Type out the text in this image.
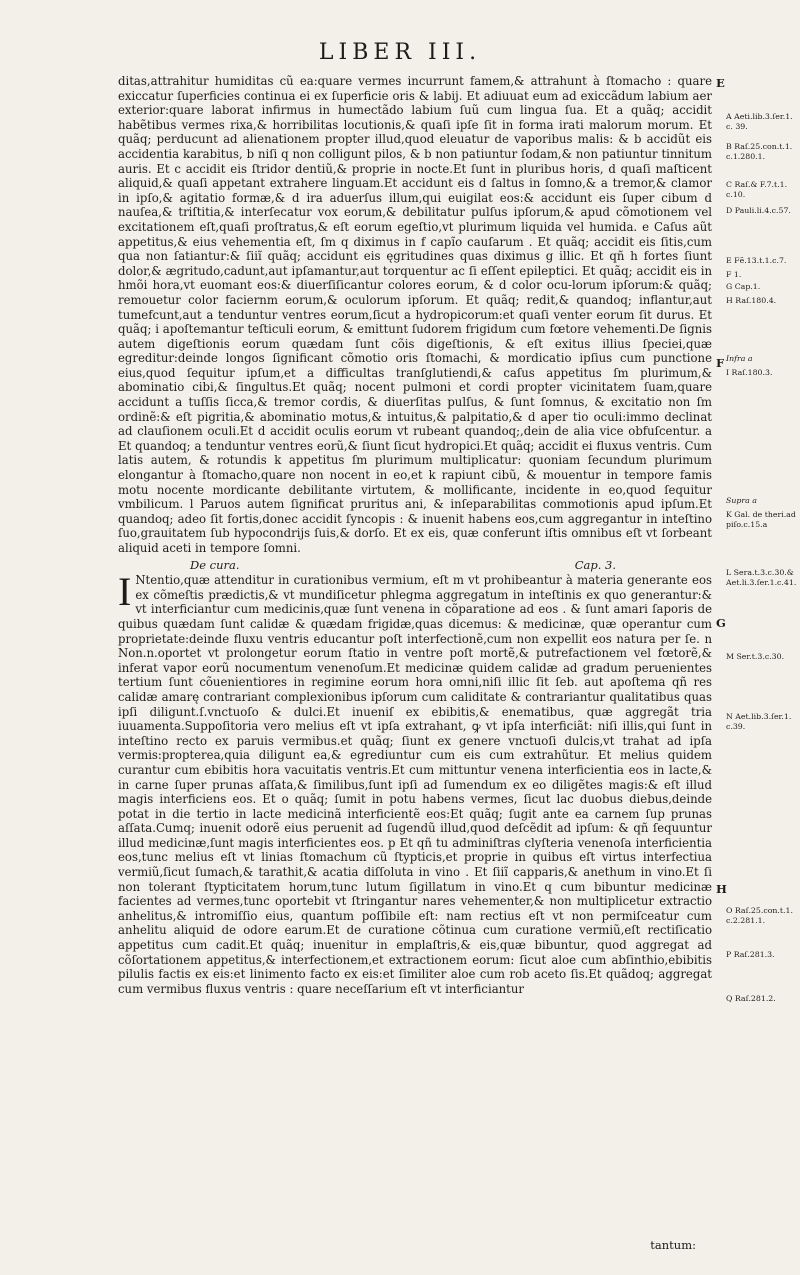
LIBER III.

ditas,attrahitur humiditas cũ ea:quare vermes incurrunt famem,& attrahunt à ſtomacho : quare exiccatur ſuperficies continua ei ex ſuperficie oris & labij. Et adiuuat eum ad exiccãdum labium aer exterior:quare laborat infirmus in humectãdo labium ſuũ cum lingua ſua. Et a quãq; accidit habẽtibus vermes rixa,& horribilitas locutionis,& quaſi ipſe ſit in forma irati malorum morum. Et quãq; perducunt ad alienationem propter illud,quod eleuatur de vaporibus malis: & b accidũt eis accidentia karabitus, b niſi q non colligunt pilos, & b non patiuntur ſodam,& non patiuntur tinnitum auris. Et c accidit eis ſtridor dentiũ,& proprie in nocte.Et ſunt in pluribus horis, d quaſi maſticent aliquid,& quaſi appetant extrahere linguam.Et accidunt eis d ſaltus in ſomno,& a tremor,& clamor in ipſo,& agitatio formæ,& d ira aduerſus illum,qui euigilat eos:& accidunt eis ſuper cibum d nauſea,& triſtitia,& interſecatur vox eorum,& debilitatur pulſus ipſorum,& apud cõmotionem vel excitationem eſt,quaſi proſtratus,& eſt eorum egeſtio,vt plurimum liquida vel humida. e Caſus aũt appetitus,& eius vehementia eſt, ſm q diximus in f capĩo cauſarum . Et quãq; accidit eis ſitis,cum qua non ſatiantur:& ſiiĩ quãq; accidunt eis ęgritudines quas diximus g illic. Et qñ h fortes ſiunt dolor,& ægritudo,cadunt,aut ipſamantur,aut torquentur ac ſi eſſent epileptici. Et quãq; accidit eis in hmõi hora,vt euomant eos:& diuerſiſicantur colores eorum, & d color ocu-lorum ipſorum:& quãq; remouetur color faciernm eorum,& oculorum ipſorum. Et quãq; redit,& quandoq; inflantur,aut tumefcunt,aut a tenduntur ventres eorum,ſicut a hydropicorum:et quaſi venter eorum ſit durus. Et quãq; i apoſtemantur teſticuli eorum, & emittunt ſudorem frigidum cum fœtore vehementi.De ſignis autem digeſtionis eorum quædam ſunt cõis digeſtionis, & eſt exitus illius ſpeciei,quæ egreditur:deinde longos ſignificant cõmotio oris ſtomachi, & mordicatio ipſius cum punctione eius,quod ſequitur ipſum,et a difficultas tranſglutiendi,& caſus appetitus ſm plurimum,& abominatio cibi,& ſingultus.Et quãq; nocent pulmoni et cordi propter vicinitatem ſuam,quare accidunt a tuſſis ſicca,& tremor cordis, & diuerſitas pulſus, & ſunt ſomnus, & excitatio non ſm ordinẽ:& eſt pigritia,& abominatio motus,& intuitus,& palpitatio,& d aper tio oculi:immo declinat ad clauſionem oculi.Et d accidit oculis eorum vt rubeant quandoq;,dein de alia vice obfuſcentur. a Et quandoq; a tenduntur ventres eorũ,& ſiunt ſicut hydropici.Et quãq; accidit ei fluxus ventris. Cum latis autem, & rotundis k appetitus ſm plurimum multiplicatur: quoniam ſecundum plurimum elongantur à ſtomacho,quare non nocent in eo,et k rapiunt cibũ, & mouentur in tempore famis motu nocente mordicante debilitante virtutem, & mollificante, incidente in eo,quod ſequitur vmbilicum. l Paruos autem ſignificat pruritus ani, & inſeparabilitas commotionis apud ipſum.Et quandoq; adeo ſit fortis,donec accidit ſyncopis : & inuenit habens eos,cum aggregantur in inteſtino ſuo,grauitatem ſub hypocondrijs ſuis,& dorſo. Et ex eis, quæ conferunt iſtis omnibus eſt vt ſorbeant aliquid aceti in tempore ſomni.

De cura.	Cap. 3.

I Ntentio,quæ attenditur in curationibus vermium, eſt m vt prohibeantur à materia generante eos ex cõmeſtis prædictis,& vt mundiſicetur phlegma aggregatum in inteſtinis ex quo generantur:& vt interficiantur cum medicinis,quæ ſunt venena in cõparatione ad eos . & ſunt amari ſaporis de quibus quædam ſunt calidæ & quædam frigidæ,quas dicemus: & medicinæ, quæ operantur cum proprietate:deinde fluxu ventris educantur poſt interfectionẽ,cum non expellit eos natura per ſe. n Non.n.oportet vt prolongetur eorum ſtatio in ventre poſt mortẽ,& putrefactionem vel fœtorẽ,& inferat vapor eorũ nocumentum venenoſum.Et medicinæ quidem calidæ ad gradum peruenientes tertium ſunt cõuenientiores in regimine eorum hora omni,niſi illic ſit ſeb. aut apoſtema qñ res calidæ amarę contrariant complexionibus ipſorum cum caliditate & contrariantur qualitatibus quas ipſi diligunt.ſ.vnctuoſo & dulci.Et inueniſ ex ebibitis,& enematibus, quæ aggregãt tria iuuamenta.Suppoſitoria vero melius eſt vt ipſa extrahant, ꝙ vt ipſa interficiãt: niſi illis,qui ſunt in inteſtino recto ex paruis vermibus.et quãq; ſiunt ex genere vnctuoſi dulcis,vt trahat ad ipſa vermis:propterea,quia diligunt ea,& egrediuntur cum eis cum extrahũtur. Et melius quidem curantur cum ebibitis hora vacuitatis ventris.Et cum mittuntur venena interficientia eos in lacte,& in carne ſuper prunas aſſata,& ſimilibus,ſunt ipſi ad ſumendum ex eo diligẽtes magis:& eſt illud magis interficiens eos. Et o quãq; ſumit in potu habens vermes, ſicut lac duobus diebus,deinde potat in die tertio in lacte medicinã interficientẽ eos:Et quãq; ſugit ante ea carnem ſup prunas aſſata.Cumq; inuenit odorẽ eius peruenit ad ſugendũ illud,quod deſcẽdit ad ipſum: & qñ ſequuntur illud medicinæ,ſunt magis interficientes eos. p Et qñ tu adminiſtras clyſteria venenoſa interficientia eos,tunc melius eſt vt linias ſtomachum cũ ſtypticis,et proprie in quibus eſt virtus interfectiua vermiũ,ſicut ſumach,& tarathit,& acatia diſſoluta in vino . Et ſiiĩ capparis,& anethum in vino.Et ſi non tolerant ſtypticitatem horum,tunc lutum ſigillatum in vino.Et q cum bibuntur medicinæ facientes ad vermes,tunc oportebit vt ſtringantur nares vehementer,& non multiplicetur extractio anhelitus,& intromiſſio eius, quantum poſſibile eſt: nam rectius eſt vt non permiſceatur cum anhelitu aliquid de odore earum.Et de curatione cõtinua cum curatione vermiũ,eſt rectiſicatio appetitus cum cadit.Et quãq; inuenitur in emplaſtris,& eis,quæ bibuntur, quod aggregat ad cõſortationem appetitus,& interfectionem,et extractionem eorum: ſicut aloe cum abſinthio,ebibitis pilulis factis ex eis:et linimento facto ex eis:et ſimiliter aloe cum rob aceto ſis.Et quãdoq; aggregat cum vermibus fluxus ventris : quare neceſſarium eſt vt interficiantur

tantum:
E
F
G
H
A Aeti.lib.3.ſer.1. c. 39.
B Raſ.25.con.t.1. c.1.280.1.
C Raſ.& F.7.t.1. c.10.
D Pauli.li.4.c.57.
E Fẽ.13.t.1.c.7.
F 1.
G Cap.1.
H Raſ.180.4.
Infra a
I Raſ.180.3.
Supra a
K Gal. de theri.ad piſo.c.15.a
L Sera.t.3.c.30.& Aet.li.3.ſer.1.c.41.
M Ser.t.3.c.30.
N Aet.lib.3.ſer.1. c.39.
O Raſ.25.con.t.1. c.2.281.1.
P Raſ.281.3.
Q Raſ.281.2.
